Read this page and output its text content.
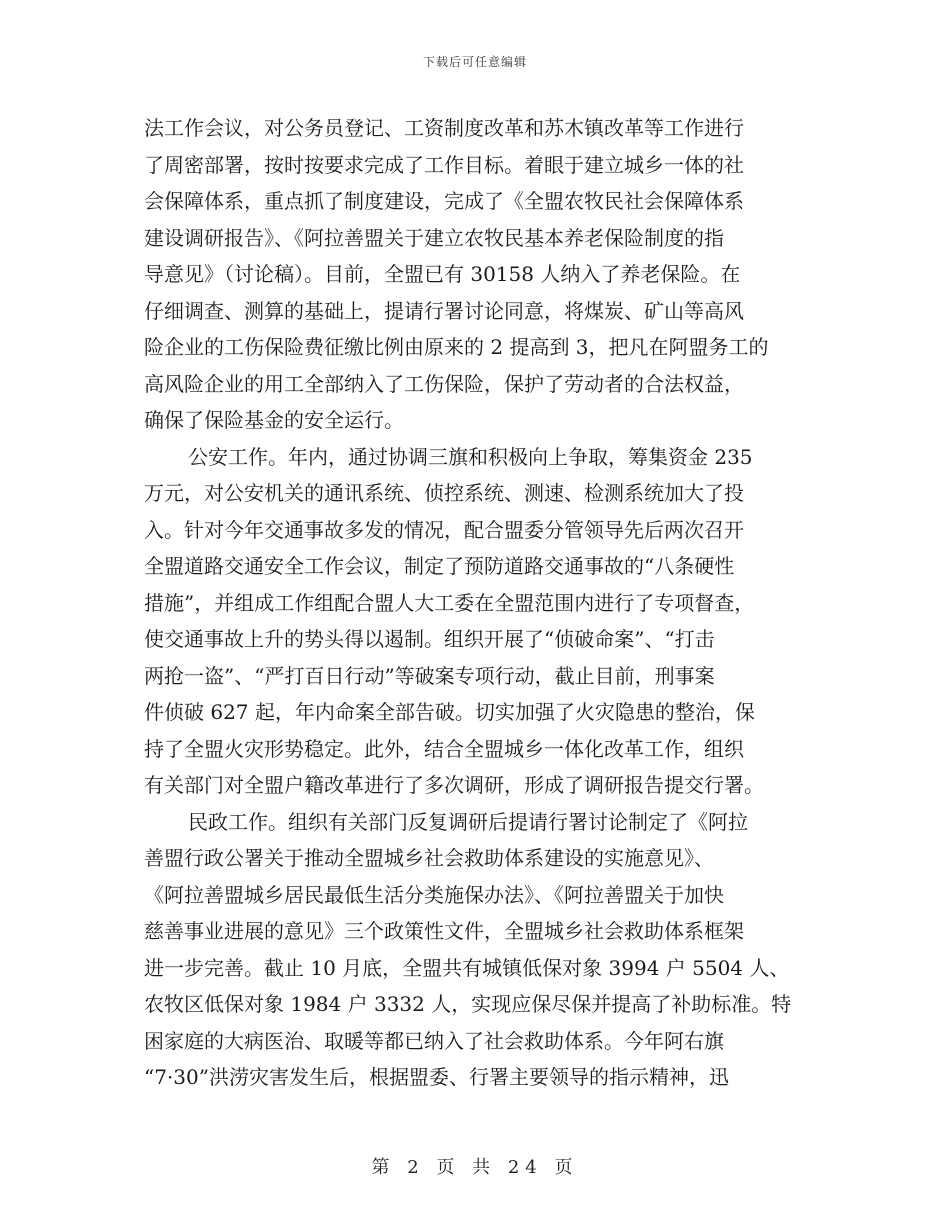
下载后可任意编辑

法工作会议，对公务员登记、工资制度改革和苏木镇改革等工作进行
了周密部署，按时按要求完成了工作目标。着眼于建立城乡一体的社
会保障体系，重点抓了制度建设，完成了《全盟农牧民社会保障体系
建设调研报告》、《阿拉善盟关于建立农牧民基本养老保险制度的指
导意见》（讨论稿）。目前，全盟已有 30158 人纳入了养老保险。在
仔细调查、测算的基础上，提请行署讨论同意，将煤炭、矿山等高风
险企业的工伤保险费征缴比例由原来的 2 提高到 3，把凡在阿盟务工的
高风险企业的用工全部纳入了工伤保险，保护了劳动者的合法权益，
确保了保险基金的安全运行。

公安工作。年内，通过协调三旗和积极向上争取，筹集资金 235
万元，对公安机关的通讯系统、侦控系统、测速、检测系统加大了投
入。针对今年交通事故多发的情况，配合盟委分管领导先后两次召开
全盟道路交通安全工作会议，制定了预防道路交通事故的“八条硬性
措施”，并组成工作组配合盟人大工委在全盟范围内进行了专项督查，
使交通事故上升的势头得以遏制。组织开展了“侦破命案”、“打击
两抢一盗”、“严打百日行动”等破案专项行动，截止目前，刑事案
件侦破 627 起，年内命案全部告破。切实加强了火灾隐患的整治，保
持了全盟火灾形势稳定。此外，结合全盟城乡一体化改革工作，组织
有关部门对全盟户籍改革进行了多次调研，形成了调研报告提交行署。

民政工作。组织有关部门反复调研后提请行署讨论制定了《阿拉
善盟行政公署关于推动全盟城乡社会救助体系建设的实施意见》、
《阿拉善盟城乡居民最低生活分类施保办法》、《阿拉善盟关于加快
慈善事业进展的意见》三个政策性文件，全盟城乡社会救助体系框架
进一步完善。截止 10 月底，全盟共有城镇低保对象 3994 户 5504 人、
农牧区低保对象 1984 户 3332 人，实现应保尽保并提高了补助标准。特
困家庭的大病医治、取暖等都已纳入了社会救助体系。今年阿右旗
“7·30”洪涝灾害发生后，根据盟委、行署主要领导的指示精神，迅

第 2 页 共 24 页
